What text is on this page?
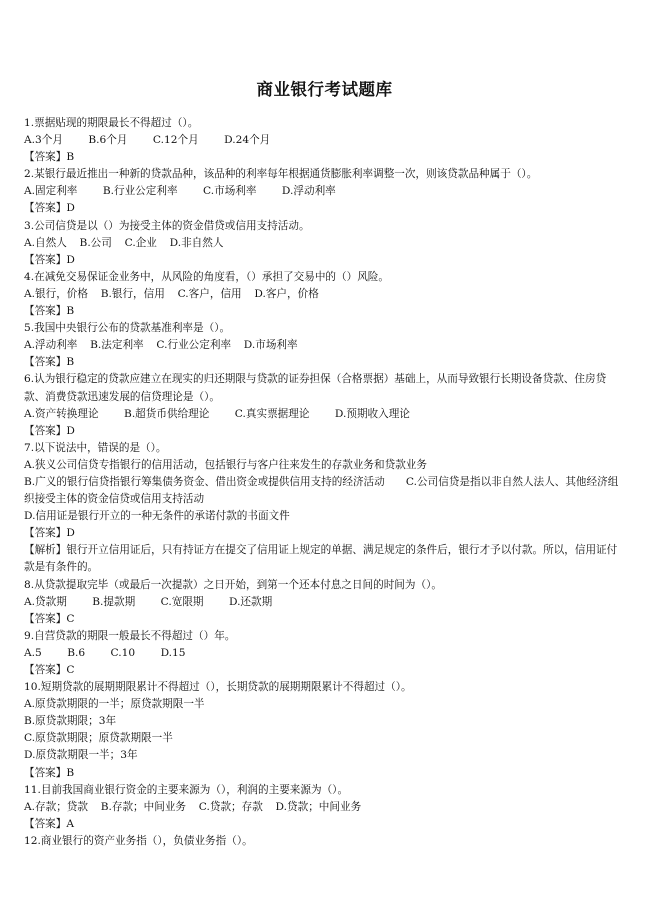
商业银行考试题库
1.票据贴现的期限最长不得超过（）。
A.3个月 B.6个月 C.12个月 D.24个月
【答案】B
2.某银行最近推出一种新的贷款品种，该品种的利率每年根据通货膨胀利率调整一次，则该贷款品种属于（）。
A.固定利率 B.行业公定利率 C.市场利率 D.浮动利率
【答案】D
3.公司信贷是以（）为接受主体的资金借贷或信用支持活动。
A.自然人 B.公司 C.企业 D.非自然人
【答案】D
4.在减免交易保证金业务中，从风险的角度看，（）承担了交易中的（）风险。
A.银行，价格 B.银行，信用 C.客户，信用 D.客户，价格
【答案】B
5.我国中央银行公布的贷款基准利率是（）。
A.浮动利率 B.法定利率 C.行业公定利率 D.市场利率
【答案】B
6.认为银行稳定的贷款应建立在现实的归还期限与贷款的证券担保（合格票据）基础上，从而导致银行长期设备贷款、住房贷款、消费贷款迅速发展的信贷理论是（）。
A.资产转换理论 B.超货币供给理论 C.真实票据理论 D.预期收入理论
【答案】D
7.以下说法中，错误的是（）。
A.狭义公司信贷专指银行的信用活动，包括银行与客户往来发生的存款业务和贷款业务
B.广义的银行信贷指银行筹集债务资金、借出资金或提供信用支持的经济活动　　C.公司信贷是指以非自然人法人、其他经济组织接受主体的资金信贷或信用支持活动
D.信用证是银行开立的一种无条件的承诺付款的书面文件
【答案】D
【解析】银行开立信用证后，只有持证方在提交了信用证上规定的单据、满足规定的条件后，银行才予以付款。所以，信用证付款是有条件的。
8.从贷款提取完毕（或最后一次提款）之日开始，到第一个还本付息之日间的时间为（）。
A.贷款期 B.提款期 C.宽限期 D.还款期
【答案】C
9.自营贷款的期限一般最长不得超过（）年。
A.5 B.6 C.10 D.15
【答案】C
10.短期贷款的展期期限累计不得超过（），长期贷款的展期期限累计不得超过（）。
A.原贷款期限的一半；原贷款期限一半
B.原贷款期限；3年
C.原贷款期限；原贷款期限一半
D.原贷款期限一半；3年
【答案】B
11.目前我国商业银行资金的主要来源为（），利润的主要来源为（）。
A.存款；贷款 B.存款；中间业务 C.贷款；存款 D.贷款；中间业务
【答案】A
12.商业银行的资产业务指（），负债业务指（）。
